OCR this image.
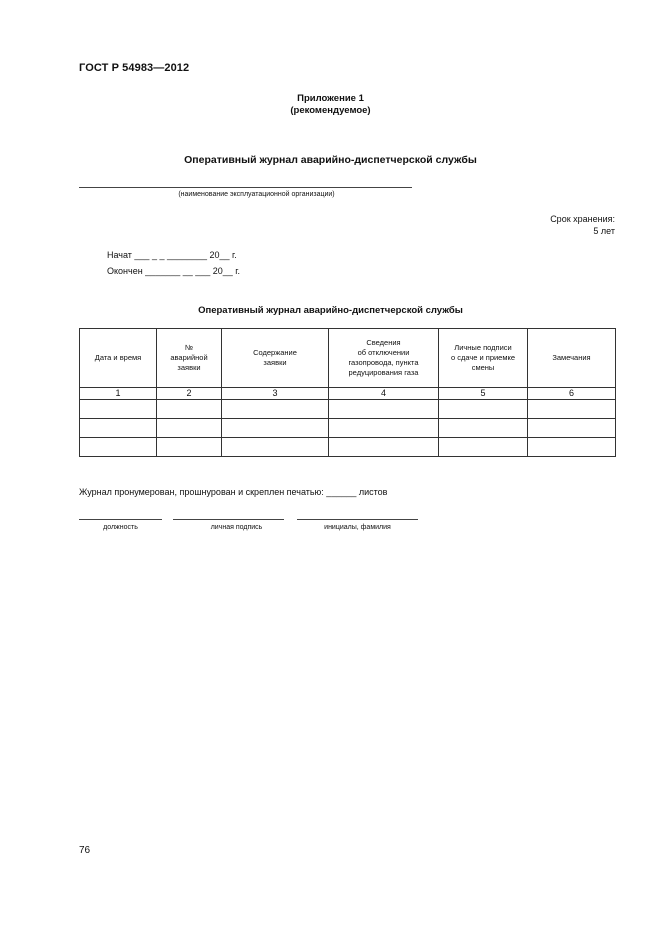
ГОСТ Р 54983—2012
Приложение 1
(рекомендуемое)
Оперативный журнал аварийно-диспетчерской службы
(наименование эксплуатационной организации)
Срок хранения:
5 лет
Начат ___ _ _ ________ 20__ г.
Окончен _______ __ ___ 20__ г.
Оперативный журнал аварийно-диспетчерской службы
Дата и время	№
аварийной
заявки	Содержание
заявки	Сведения
об отключении
газопровода, пункта
редуцирования газа	Личные подписи
о сдаче и приемке
смены	Замечания

1	2	3	4	5	6

Журнал пронумерован, прошнурован и скреплен печатью: ______ листов
должность	личная подпись	инициалы, фамилия
76
